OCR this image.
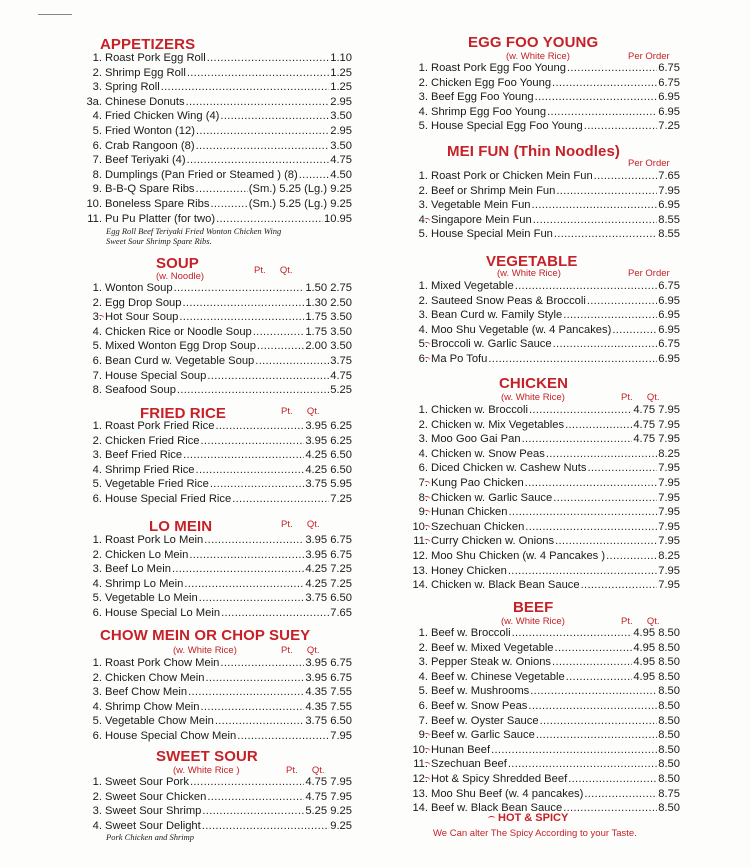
APPETIZERS
1. Roast Pork Egg Roll .....	1.10
2. Shrimp Egg Roll .....	1.25
3. Spring Roll .....	1.25
3a. Chinese Donuts .....	2.95
4. Fried Chicken Wing (4) .....	3.50
5. Fried Wonton (12) .....	2.95
6. Crab Rangoon (8) .....	3.50
7. Beef Teriyaki (4) .....	4.75
8. Dumplings (Pan Fried or Steamed ) (8) .....	4.50
9. B-B-Q Spare Ribs .....	(Sm.) 5.25 (Lg.) 9.25
10. Boneless Spare Ribs .....	(Sm.) 5.25 (Lg.) 9.25
11. Pu Pu Platter (for two) .....	10.95
Egg Roll Beef Teriyaki Fried Wonton Chicken Wing
Sweet Sour Shrimp Spare Ribs.
SOUP
(w. Noodle)
Pt.  Qt.
1. Wonton Soup .....	1.50 2.75
2. Egg Drop Soup .....	1.30 2.50
3. Hot Sour Soup .....	1.75 3.50
4. Chicken Rice or Noodle Soup .....	1.75 3.50
5. Mixed Wonton Egg Drop Soup .....	2.00 3.50
6. Bean Curd w. Vegetable Soup .....	3.75
7. House Special Soup .....	4.75
8. Seafood Soup .....	5.25
FRIED RICE	Pt.  Qt.
1. Roast Pork Fried Rice .....	3.95 6.25
2. Chicken Fried Rice .....	3.95 6.25
3. Beef Fried Rice .....	4.25 6.50
4. Shrimp Fried Rice .....	4.25 6.50
5. Vegetable Fried Rice .....	3.75 5.95
6. House Special Fried Rice .....	7.25
LO MEIN	Pt.  Qt.
1. Roast Pork Lo Mein .....	3.95 6.75
2. Chicken Lo Mein .....	3.95 6.75
3. Beef Lo Mein .....	4.25 7.25
4. Shrimp Lo Mein .....	4.25 7.25
5. Vegetable Lo Mein .....	3.75 6.50
6. House Special Lo Mein .....	7.65
CHOW MEIN OR CHOP SUEY
(w. White Rice)	Pt.  Qt.
1. Roast Pork Chow Mein .....	3.95 6.75
2. Chicken Chow Mein .....	3.95 6.75
3. Beef Chow Mein .....	4.35 7.55
4. Shrimp Chow Mein .....	4.35 7.55
5. Vegetable Chow Mein .....	3.75 6.50
6. House Special Chow Mein .....	7.95
SWEET SOUR
(w. White Rice )	Pt.  Qt.
1. Sweet Sour Pork .....	4.75 7.95
2. Sweet Sour Chicken .....	4.75 7.95
3. Sweet Sour Shrimp .....	5.25 9.25
4. Sweet Sour Delight .....	9.25
Pork Chicken and Shrimp
EGG FOO YOUNG
(w. White Rice)	Per Order
1. Roast Pork Egg Foo Young .....	6.75
2. Chicken Egg Foo Young .....	6.75
3. Beef Egg Foo Young .....	6.95
4. Shrimp Egg Foo Young .....	6.95
5. House Special Egg Foo Young .....	7.25
MEI FUN (Thin Noodles)
Per Order
1. Roast Pork or Chicken Mein Fun .....	7.65
2. Beef or Shrimp Mein Fun .....	7.95
3. Vegetable Mein Fun .....	6.95
4. Singapore Mein Fun .....	8.55
5. House Special Mein Fun .....	8.55
VEGETABLE
(w. White Rice)	Per Order
1. Mixed Vegetable .....	6.75
2. Sauteed Snow Peas & Broccoli .....	6.95
3. Bean Curd w. Family Style .....	6.95
4. Moo Shu Vegetable (w. 4 Pancakes) .....	6.95
5. Broccoli w. Garlic Sauce .....	6.75
6. Ma Po Tofu .....	6.95
CHICKEN
(w. White Rice)	Pt.  Qt.
1. Chicken w. Broccoli .....	4.75 7.95
2. Chicken w. Mix Vegetables .....	4.75 7.95
3. Moo Goo Gai Pan .....	4.75 7.95
4. Chicken w. Snow Peas .....	8.25
6. Diced Chicken w. Cashew Nuts .....	7.95
7. Kung Pao Chicken .....	7.95
8. Chicken w. Garlic Sauce .....	7.95
9. Hunan Chicken .....	7.95
10. Szechuan Chicken .....	7.95
11. Curry Chicken w. Onions .....	7.95
12. Moo Shu Chicken (w. 4 Pancakes ) .....	8.25
13. Honey Chicken .....	7.95
14. Chicken w. Black Bean Sauce .....	7.95
BEEF
(w. White Rice)	Pt.  Qt.
1. Beef w. Broccoli .....	4.95 8.50
2. Beef w. Mixed Vegetable .....	4.95 8.50
3. Pepper Steak w. Onions .....	4.95 8.50
4. Beef w. Chinese Vegetable .....	4.95 8.50
5. Beef w. Mushrooms .....	8.50
6. Beef w. Snow Peas .....	8.50
7. Beef w. Oyster Sauce .....	8.50
9. Beef w. Garlic Sauce .....	8.50
10. Hunan Beef .....	8.50
11. Szechuan Beef .....	8.50
12. Hot & Spicy Shredded Beef .....	8.50
13. Moo Shu Beef (w. 4 pancakes) .....	8.75
14. Beef w. Black Bean Sauce .....	8.50
HOT & SPICY
We Can alter The Spicy According to your Taste.
